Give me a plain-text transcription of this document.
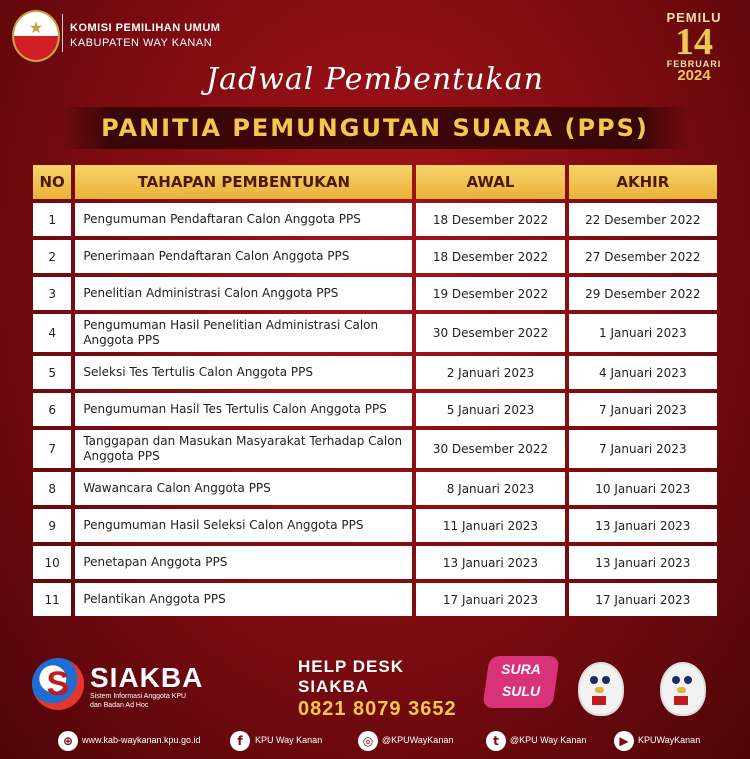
★ KOMISI PEMILIHAN UMUM
KABUPATEN WAY KANAN
PEMILU
14
FEBRUARI
2024
Jadwal Pembentukan
PANITIA PEMUNGUTAN SUARA (PPS)
NO	TAHAPAN PEMBENTUKAN	AWAL	AKHIR
1	Pengumuman Pendaftaran Calon Anggota PPS	18 Desember 2022	22 Desember 2022
2	Penerimaan Pendaftaran Calon Anggota PPS	18 Desember 2022	27 Desember 2022
3	Penelitian Administrasi Calon Anggota PPS	19 Desember 2022	29 Desember 2022
4	Pengumuman Hasil Penelitian Administrasi Calon Anggota PPS	30 Desember 2022	1 Januari 2023
5	Seleksi Tes Tertulis Calon Anggota PPS	2 Januari 2023	4 Januari 2023
6	Pengumuman Hasil Tes Tertulis Calon Anggota PPS	5 Januari 2023	7 Januari 2023
7	Tanggapan dan Masukan Masyarakat Terhadap Calon Anggota PPS	30 Desember 2022	7 Januari 2023
8	Wawancara Calon Anggota PPS	8 Januari 2023	10 Januari 2023
9	Pengumuman Hasil Seleksi Calon Anggota PPS	11 Januari 2023	13 Januari 2023
10	Penetapan Anggota PPS	13 Januari 2023	13 Januari 2023
11	Pelantikan Anggota PPS	17 Januari 2023	17 Januari 2023
S SIAKBA
Sistem Informasi Anggota KPU
dan Badan Ad Hoc
HELP DESK
SIAKBA
0821 8079 3652
SURA
SULU
⊕ www.kab-waykanan.kpu.go.id	f	KPU Way Kanan	◎ @KPUWayKanan	t	@KPU Way Kanan	▶	KPUWayKanan
